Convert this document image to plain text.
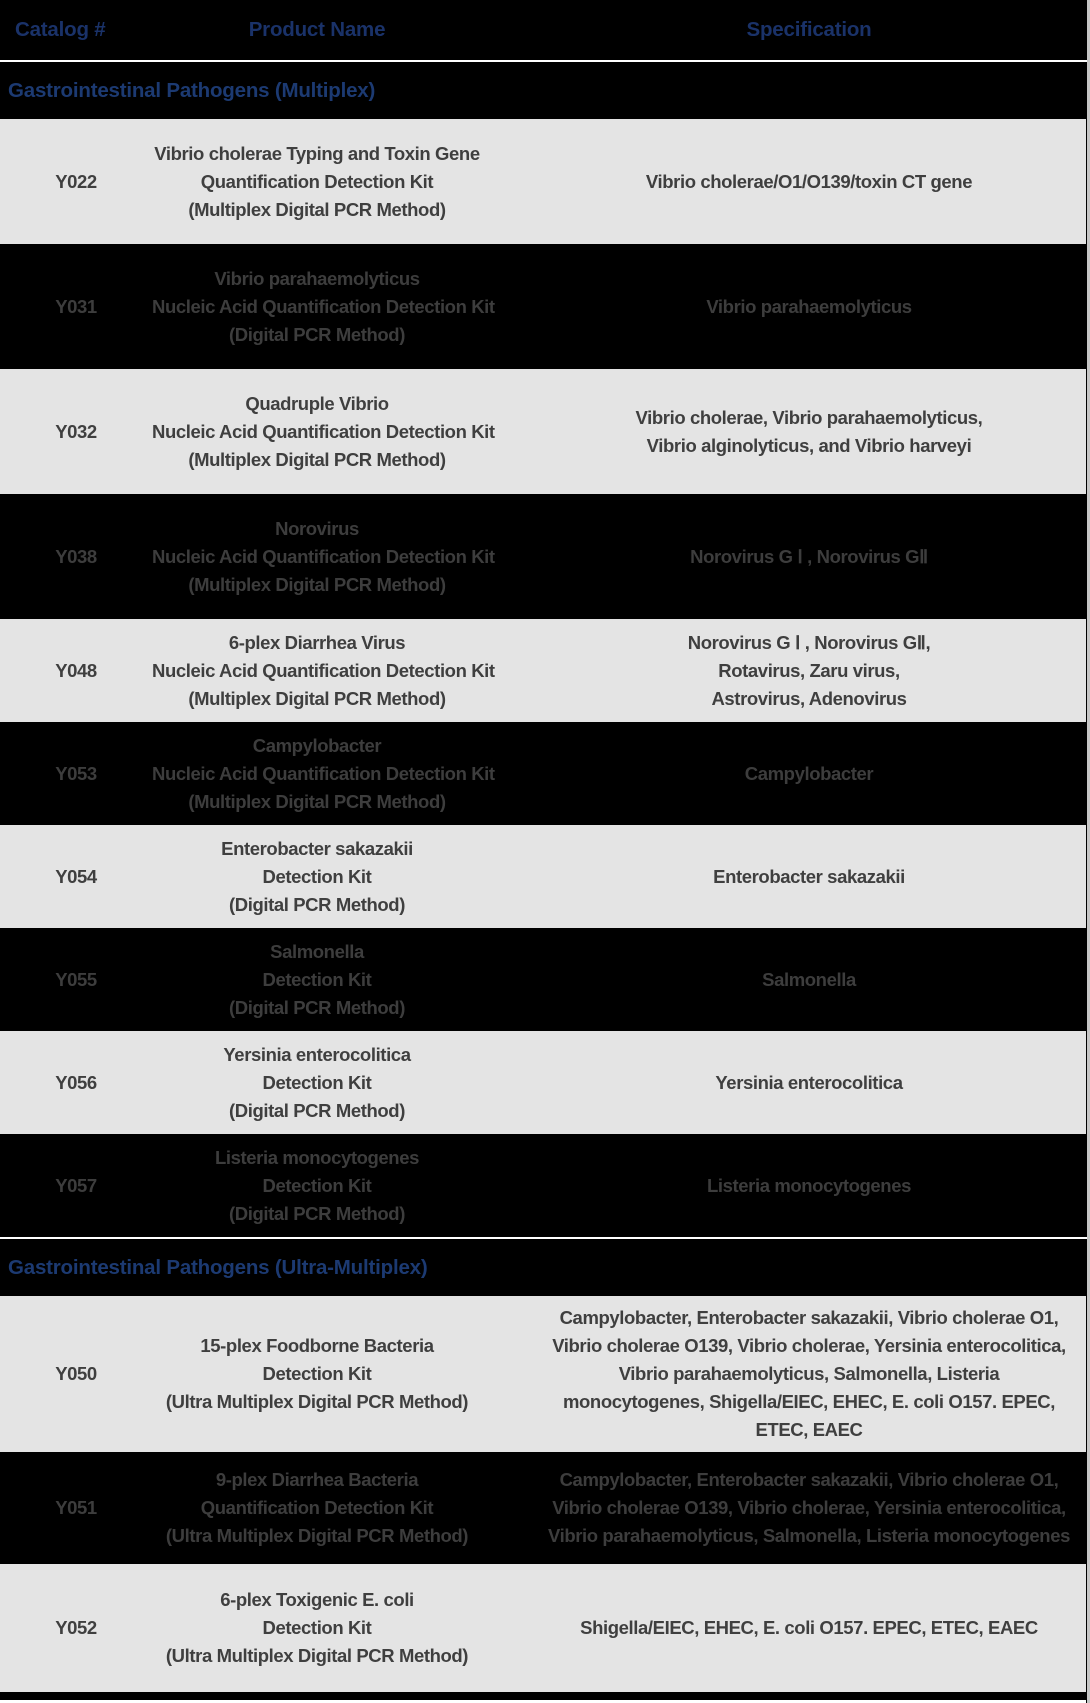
Catalog #	Product Name	Specification
Gastrointestinal Pathogens (Multiplex)
Y022
Vibrio cholerae Typing and Toxin Gene
Quantification Detection Kit
(Multiplex Digital PCR Method)
Vibrio cholerae/O1/O139/toxin CT gene
Y031
Vibrio parahaemolyticus
Nucleic Acid Quantification Detection Kit
(Digital PCR Method)
Vibrio parahaemolyticus
Y032
Quadruple Vibrio
Nucleic Acid Quantification Detection Kit
(Multiplex Digital PCR Method)
Vibrio cholerae, Vibrio parahaemolyticus,
Vibrio alginolyticus, and Vibrio harveyi
Y038
Norovirus
Nucleic Acid Quantification Detection Kit
(Multiplex Digital PCR Method)
Norovirus G Ⅰ , Norovirus GⅡ
Y048
6-plex Diarrhea Virus
Nucleic Acid Quantification Detection Kit
(Multiplex Digital PCR Method)
Norovirus G Ⅰ , Norovirus GⅡ,
Rotavirus, Zaru virus,
Astrovirus, Adenovirus
Y053
Campylobacter
Nucleic Acid Quantification Detection Kit
(Multiplex Digital PCR Method)
Campylobacter
Y054
Enterobacter sakazakii
Detection Kit
(Digital PCR Method)
Enterobacter sakazakii
Y055
Salmonella
Detection Kit
(Digital PCR Method)
Salmonella
Y056
Yersinia enterocolitica
Detection Kit
(Digital PCR Method)
Yersinia enterocolitica
Y057
Listeria monocytogenes
Detection Kit
(Digital PCR Method)
Listeria monocytogenes
Gastrointestinal Pathogens (Ultra-Multiplex)
Y050
15-plex Foodborne Bacteria
Detection Kit
(Ultra Multiplex Digital PCR Method)
Campylobacter, Enterobacter sakazakii, Vibrio cholerae O1,
Vibrio cholerae O139, Vibrio cholerae, Yersinia enterocolitica,
Vibrio parahaemolyticus, Salmonella, Listeria
monocytogenes, Shigella/EIEC, EHEC, E. coli O157. EPEC,
ETEC, EAEC
Y051
9-plex Diarrhea Bacteria
Quantification Detection Kit
(Ultra Multiplex Digital PCR Method)
Campylobacter, Enterobacter sakazakii, Vibrio cholerae O1,
Vibrio cholerae O139, Vibrio cholerae, Yersinia enterocolitica,
Vibrio parahaemolyticus, Salmonella, Listeria monocytogenes
Y052
6-plex Toxigenic E. coli
Detection Kit
(Ultra Multiplex Digital PCR Method)
Shigella/EIEC, EHEC, E. coli O157. EPEC, ETEC, EAEC
